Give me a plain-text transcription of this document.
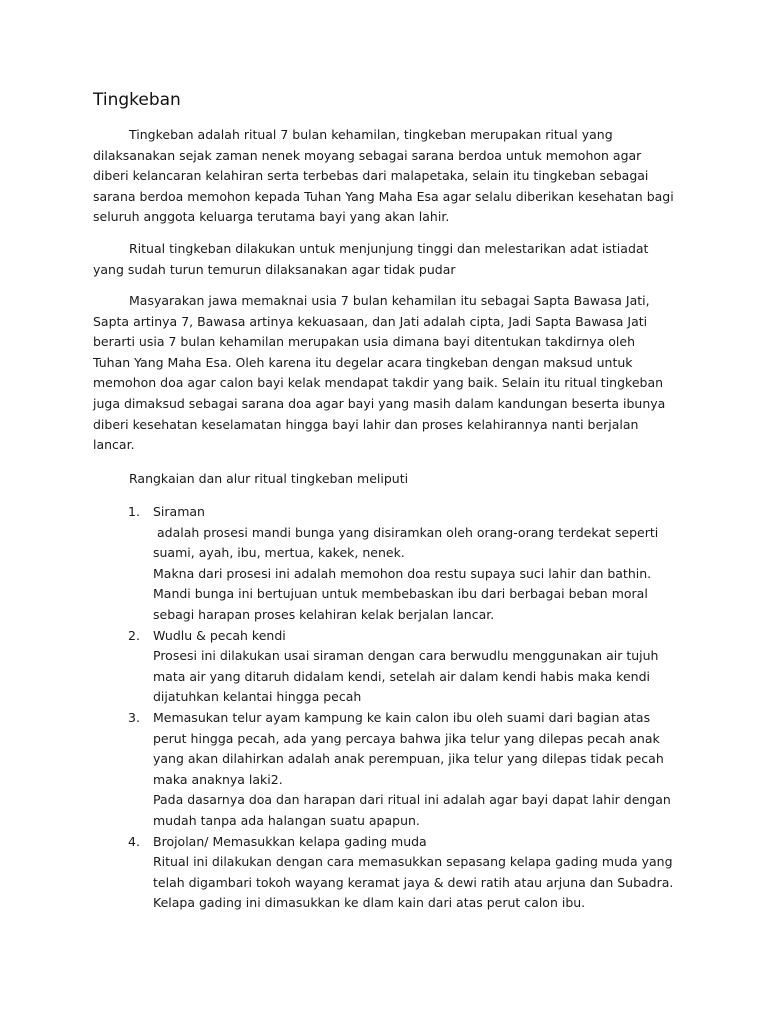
Tingkeban
Tingkeban adalah ritual 7 bulan kehamilan, tingkeban merupakan ritual yang
dilaksanakan sejak zaman nenek moyang sebagai sarana berdoa untuk memohon agar
diberi kelancaran kelahiran serta terbebas dari malapetaka, selain itu tingkeban sebagai
sarana berdoa memohon kepada Tuhan Yang Maha Esa agar selalu diberikan kesehatan bagi
seluruh anggota keluarga terutama bayi yang akan lahir.
Ritual tingkeban dilakukan untuk menjunjung tinggi dan melestarikan adat istiadat
yang sudah turun temurun dilaksanakan agar tidak pudar
Masyarakan jawa memaknai usia 7 bulan kehamilan itu sebagai Sapta Bawasa Jati,
Sapta artinya 7, Bawasa artinya kekuasaan, dan Jati adalah cipta, Jadi Sapta Bawasa Jati
berarti usia 7 bulan kehamilan merupakan usia dimana bayi ditentukan takdirnya oleh
Tuhan Yang Maha Esa. Oleh karena itu degelar acara tingkeban dengan maksud untuk
memohon doa agar calon bayi kelak mendapat takdir yang baik. Selain itu ritual tingkeban
juga dimaksud sebagai sarana doa agar bayi yang masih dalam kandungan beserta ibunya
diberi kesehatan keselamatan hingga bayi lahir dan proses kelahirannya nanti berjalan
lancar.
Rangkaian dan alur ritual tingkeban meliputi
1. Siraman
adalah prosesi mandi bunga yang disiramkan oleh orang-orang terdekat seperti
suami, ayah, ibu, mertua, kakek, nenek.
Makna dari prosesi ini adalah memohon doa restu supaya suci lahir dan bathin.
Mandi bunga ini bertujuan untuk membebaskan ibu dari berbagai beban moral
sebagi harapan proses kelahiran kelak berjalan lancar.
2. Wudlu & pecah kendi
Prosesi ini dilakukan usai siraman dengan cara berwudlu menggunakan air tujuh
mata air yang ditaruh didalam kendi, setelah air dalam kendi habis maka kendi
dijatuhkan kelantai hingga pecah
3. Memasukan telur ayam kampung ke kain calon ibu oleh suami dari bagian atas
perut hingga pecah, ada yang percaya bahwa jika telur yang dilepas pecah anak
yang akan dilahirkan adalah anak perempuan, jika telur yang dilepas tidak pecah
maka anaknya laki2.
Pada dasarnya doa dan harapan dari ritual ini adalah agar bayi dapat lahir dengan
mudah tanpa ada halangan suatu apapun.
4. Brojolan/ Memasukkan kelapa gading muda
Ritual ini dilakukan dengan cara memasukkan sepasang kelapa gading muda yang
telah digambari tokoh wayang keramat jaya & dewi ratih atau arjuna dan Subadra.
Kelapa gading ini dimasukkan ke dlam kain dari atas perut calon ibu.
